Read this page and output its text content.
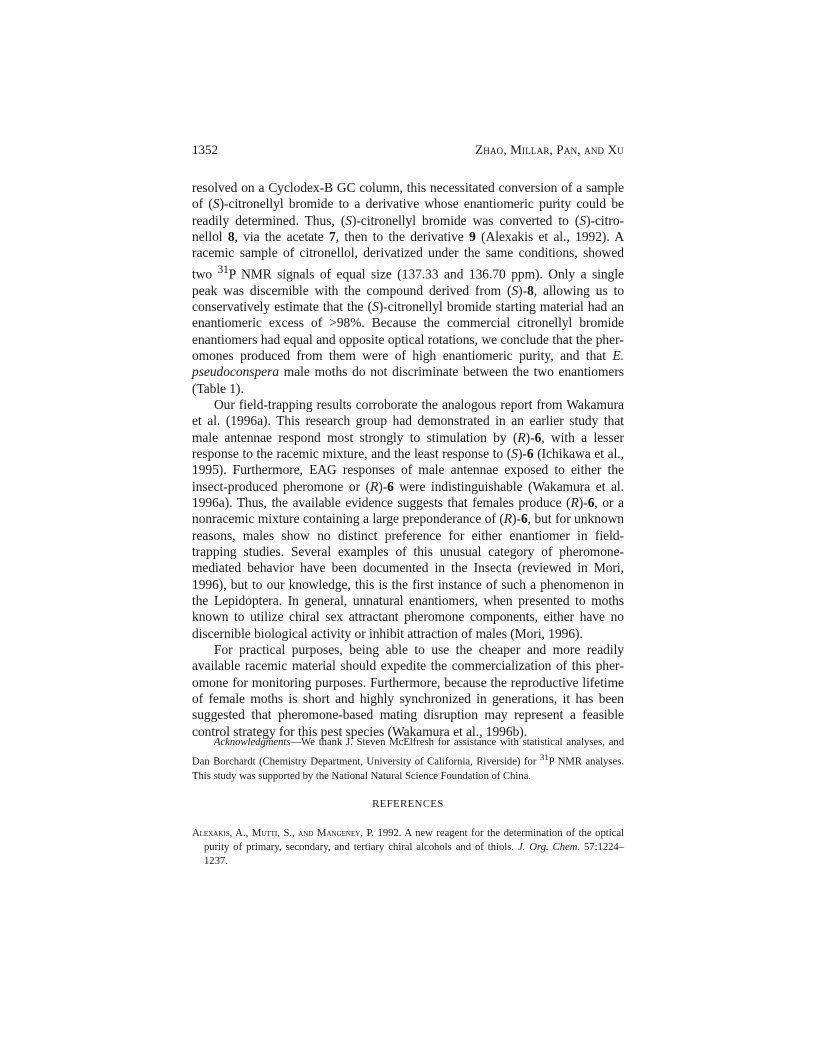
1352	Zhao, Millar, Pan, and Xu

resolved on a Cyclodex-B GC column, this necessitated conversion of a sample of (S)-citronellyl bromide to a derivative whose enantiomeric purity could be readily determined. Thus, (S)-citronellyl bromide was converted to (S)-citronellol 8, via the acetate 7, then to the derivative 9 (Alexakis et al., 1992). A racemic sample of citronellol, derivatized under the same conditions, showed two $^{31}$P NMR signals of equal size (137.33 and 136.70 ppm). Only a single peak was discernible with the compound derived from (S)-8, allowing us to conservatively estimate that the (S)-citronellyl bromide starting material had an enantiomeric excess of >98%. Because the commercial citronellyl bromide enantiomers had equal and opposite optical rotations, we conclude that the pheromones produced from them were of high enantiomeric purity, and that E. pseudoconspera male moths do not discriminate between the two enantiomers (Table 1).

Our field-trapping results corroborate the analogous report from Wakamura et al. (1996a). This research group had demonstrated in an earlier study that male antennae respond most strongly to stimulation by (R)-6, with a lesser response to the racemic mixture, and the least response to (S)-6 (Ichikawa et al., 1995). Furthermore, EAG responses of male antennae exposed to either the insect-produced pheromone or (R)-6 were indistinguishable (Wakamura et al. 1996a). Thus, the available evidence suggests that females produce (R)-6, or a nonracemic mixture containing a large preponderance of (R)-6, but for unknown reasons, males show no distinct preference for either enantiomer in field-trapping studies. Several examples of this unusual category of pheromone-mediated behavior have been documented in the Insecta (reviewed in Mori, 1996), but to our knowledge, this is the first instance of such a phenomenon in the Lepidoptera. In general, unnatural enantiomers, when presented to moths known to utilize chiral sex attractant pheromone components, either have no discernible biological activity or inhibit attraction of males (Mori, 1996).

For practical purposes, being able to use the cheaper and more readily available racemic material should expedite the commercialization of this pheromone for monitoring purposes. Furthermore, because the reproductive lifetime of female moths is short and highly synchronized in generations, it has been suggested that pheromone-based mating disruption may represent a feasible control strategy for this pest species (Wakamura et al., 1996b).

Acknowledgments—We thank J. Steven McElfresh for assistance with statistical analyses, and Dan Borchardt (Chemistry Department, University of California, Riverside) for $^{31}$P NMR analyses. This study was supported by the National Natural Science Foundation of China.
REFERENCES
Alexakis, A., Mutti, S., and Mangeney, P. 1992. A new reagent for the determination of the optical purity of primary, secondary, and tertiary chiral alcohols and of thiols. J. Org. Chem. 57:1224–1237.
